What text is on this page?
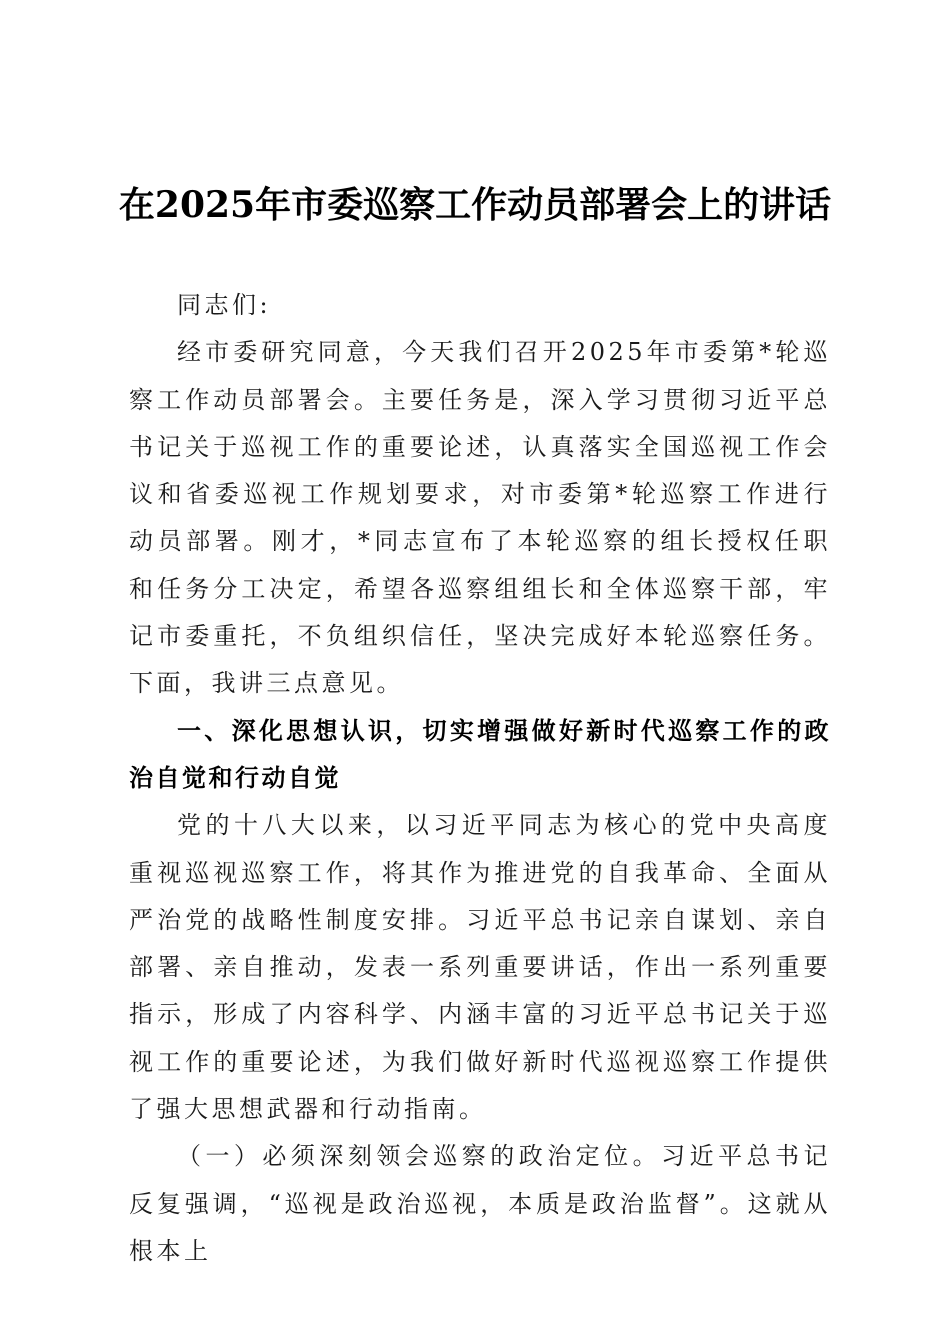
在2025年市委巡察工作动员部署会上的讲话

同志们:

经市委研究同意，今天我们召开2025年市委第*轮巡察工作动员部署会。主要任务是，深入学习贯彻习近平总书记关于巡视工作的重要论述，认真落实全国巡视工作会议和省委巡视工作规划要求，对市委第*轮巡察工作进行动员部署。刚才，*同志宣布了本轮巡察的组长授权任职和任务分工决定，希望各巡察组组长和全体巡察干部，牢记市委重托，不负组织信任，坚决完成好本轮巡察任务。下面，我讲三点意见。

一、深化思想认识，切实增强做好新时代巡察工作的政治自觉和行动自觉

党的十八大以来，以习近平同志为核心的党中央高度重视巡视巡察工作，将其作为推进党的自我革命、全面从严治党的战略性制度安排。习近平总书记亲自谋划、亲自部署、亲自推动，发表一系列重要讲话，作出一系列重要指示，形成了内容科学、内涵丰富的习近平总书记关于巡视工作的重要论述，为我们做好新时代巡视巡察工作提供了强大思想武器和行动指南。

（一）必须深刻领会巡察的政治定位。习近平总书记反复强调，“巡视是政治巡视，本质是政治监督”。这就从根本上
